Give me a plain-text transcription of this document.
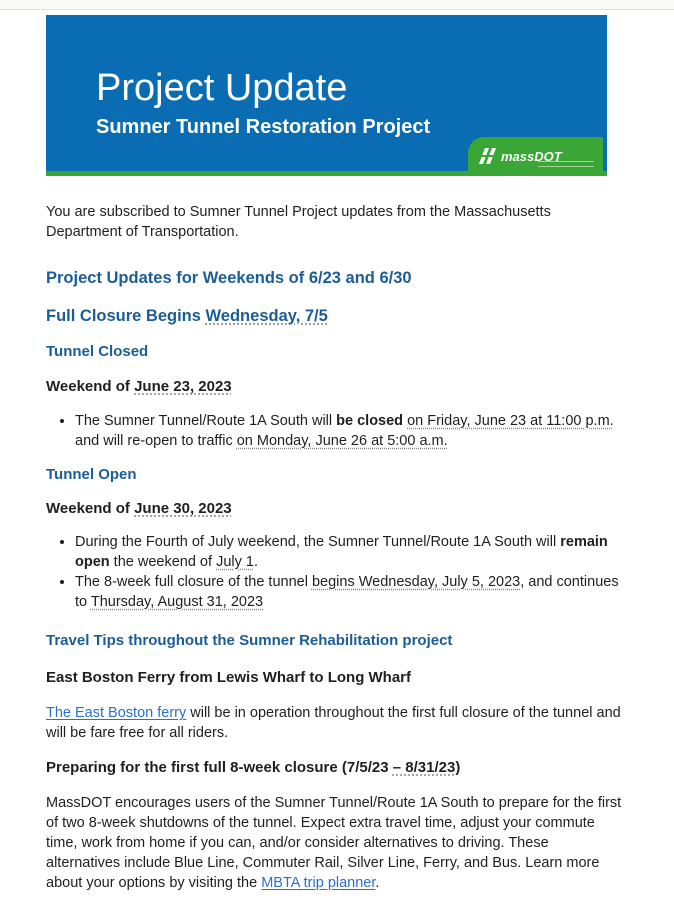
Project Update
Sumner Tunnel Restoration Project
massDOT

You are subscribed to Sumner Tunnel Project updates from the Massachusetts Department of Transportation.

Project Updates for Weekends of 6/23 and 6/30
Full Closure Begins Wednesday, 7/5
Tunnel Closed
Weekend of June 23, 2023
• The Sumner Tunnel/Route 1A South will be closed on Friday, June 23 at 11:00 p.m. and will re-open to traffic on Monday, June 26 at 5:00 a.m.
Tunnel Open
Weekend of June 30, 2023
• During the Fourth of July weekend, the Sumner Tunnel/Route 1A South will remain open the weekend of July 1.
• The 8-week full closure of the tunnel begins Wednesday, July 5, 2023, and continues to Thursday, August 31, 2023
Travel Tips throughout the Sumner Rehabilitation project
East Boston Ferry from Lewis Wharf to Long Wharf

The East Boston ferry will be in operation throughout the first full closure of the tunnel and will be fare free for all riders.

Preparing for the first full 8-week closure (7/5/23 – 8/31/23)

MassDOT encourages users of the Sumner Tunnel/Route 1A South to prepare for the first of two 8-week shutdowns of the tunnel. Expect extra travel time, adjust your commute time, work from home if you can, and/or consider alternatives to driving. These alternatives include Blue Line, Commuter Rail, Silver Line, Ferry, and Bus. Learn more about your options by visiting the MBTA trip planner.
